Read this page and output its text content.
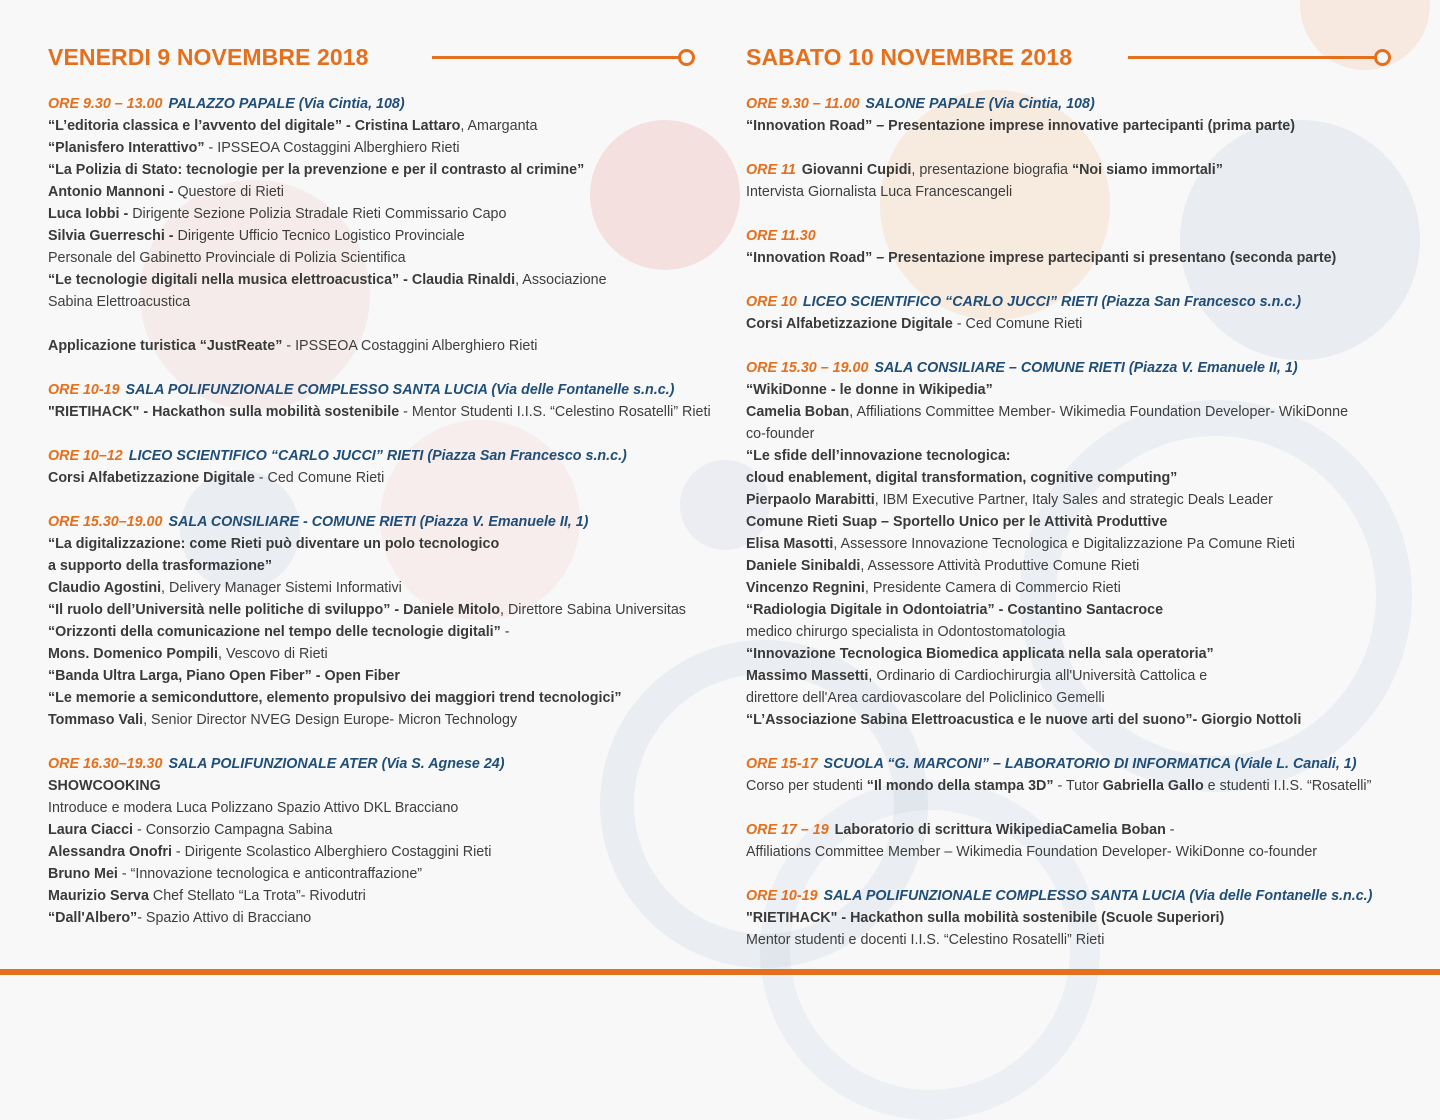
VENERDI 9 NOVEMBRE 2018
ORE 9.30 – 13.00 PALAZZO PAPALE (Via Cintia, 108)
“L’editoria classica e l’avvento del digitale” - Cristina Lattaro, Amarganta
“Planisfero Interattivo” - IPSSEOA Costaggini Alberghiero Rieti
“La Polizia di Stato: tecnologie per la prevenzione e per il contrasto al crimine”
Antonio Mannoni - Questore di Rieti
Luca Iobbi - Dirigente Sezione Polizia Stradale Rieti Commissario Capo
Silvia Guerreschi - Dirigente Ufficio Tecnico Logistico Provinciale
Personale del Gabinetto Provinciale di Polizia Scientifica
“Le tecnologie digitali nella musica elettroacustica” - Claudia Rinaldi, Associazione
Sabina Elettroacustica
Applicazione turistica “JustReate” - IPSSEOA Costaggini Alberghiero Rieti
ORE 10-19 SALA POLIFUNZIONALE COMPLESSO SANTA LUCIA (Via delle Fontanelle s.n.c.)
"RIETIHACK" - Hackathon sulla mobilità sostenibile - Mentor Studenti I.I.S. “Celestino Rosatelli” Rieti
ORE 10–12 LICEO SCIENTIFICO “CARLO JUCCI” RIETI (Piazza San Francesco s.n.c.)
Corsi Alfabetizzazione Digitale - Ced Comune Rieti
ORE 15.30–19.00 SALA CONSILIARE - COMUNE RIETI (Piazza V. Emanuele II, 1)
“La digitalizzazione: come Rieti può diventare un polo tecnologico
a supporto della trasformazione”
Claudio Agostini, Delivery Manager Sistemi Informativi
“Il ruolo dell’Università nelle politiche di sviluppo” - Daniele Mitolo, Direttore Sabina Universitas
“Orizzonti della comunicazione nel tempo delle tecnologie digitali” -
Mons. Domenico Pompili, Vescovo di Rieti
“Banda Ultra Larga, Piano Open Fiber” - Open Fiber
“Le memorie a semiconduttore, elemento propulsivo dei maggiori trend tecnologici”
Tommaso Vali, Senior Director NVEG Design Europe- Micron Technology
ORE 16.30–19.30 SALA POLIFUNZIONALE ATER (Via S. Agnese 24)
SHOWCOOKING
Introduce e modera Luca Polizzano Spazio Attivo DKL Bracciano
Laura Ciacci - Consorzio Campagna Sabina
Alessandra Onofri - Dirigente Scolastico Alberghiero Costaggini Rieti
Bruno Mei - “Innovazione tecnologica e anticontraffazione”
Maurizio Serva Chef Stellato “La Trota”- Rivodutri
“Dall'Albero”- Spazio Attivo di Bracciano
SABATO 10 NOVEMBRE 2018
ORE 9.30 – 11.00 SALONE PAPALE (Via Cintia, 108)
“Innovation Road” – Presentazione imprese innovative partecipanti (prima parte)
ORE 11 Giovanni Cupidi, presentazione biografia “Noi siamo immortali”
Intervista Giornalista Luca Francescangeli
ORE 11.30
“Innovation Road” – Presentazione imprese partecipanti si presentano (seconda parte)
ORE 10 LICEO SCIENTIFICO “CARLO JUCCI” RIETI (Piazza San Francesco s.n.c.)
Corsi Alfabetizzazione Digitale - Ced Comune Rieti
ORE 15.30 – 19.00 SALA CONSILIARE – COMUNE RIETI (Piazza V. Emanuele II, 1)
“WikiDonne - le donne in Wikipedia”
Camelia Boban, Affiliations Committee Member- Wikimedia Foundation Developer- WikiDonne
co-founder
“Le sfide dell’innovazione tecnologica:
cloud enablement, digital transformation, cognitive computing”
Pierpaolo Marabitti, IBM Executive Partner, Italy Sales and strategic Deals Leader
Comune Rieti Suap – Sportello Unico per le Attività Produttive
Elisa Masotti, Assessore Innovazione Tecnologica e Digitalizzazione Pa Comune Rieti
Daniele Sinibaldi, Assessore Attività Produttive Comune Rieti
Vincenzo Regnini, Presidente Camera di Commercio Rieti
“Radiologia Digitale in Odontoiatria” - Costantino Santacroce
medico chirurgo specialista in Odontostomatologia
“Innovazione Tecnologica Biomedica applicata nella sala operatoria”
Massimo Massetti, Ordinario di Cardiochirurgia all'Università Cattolica e
direttore dell'Area cardiovascolare del Policlinico Gemelli
“L’Associazione Sabina Elettroacustica e le nuove arti del suono”- Giorgio Nottoli
ORE 15-17 SCUOLA “G. MARCONI” – LABORATORIO DI INFORMATICA (Viale L. Canali, 1)
Corso per studenti “Il mondo della stampa 3D” - Tutor Gabriella Gallo e studenti I.I.S. “Rosatelli”
ORE 17 – 19 Laboratorio di scrittura WikipediaCamelia Boban -
Affiliations Committee Member – Wikimedia Foundation Developer- WikiDonne co-founder
ORE 10-19 SALA POLIFUNZIONALE COMPLESSO SANTA LUCIA (Via delle Fontanelle s.n.c.)
"RIETIHACK" - Hackathon sulla mobilità sostenibile (Scuole Superiori)
Mentor studenti e docenti I.I.S. “Celestino Rosatelli” Rieti
